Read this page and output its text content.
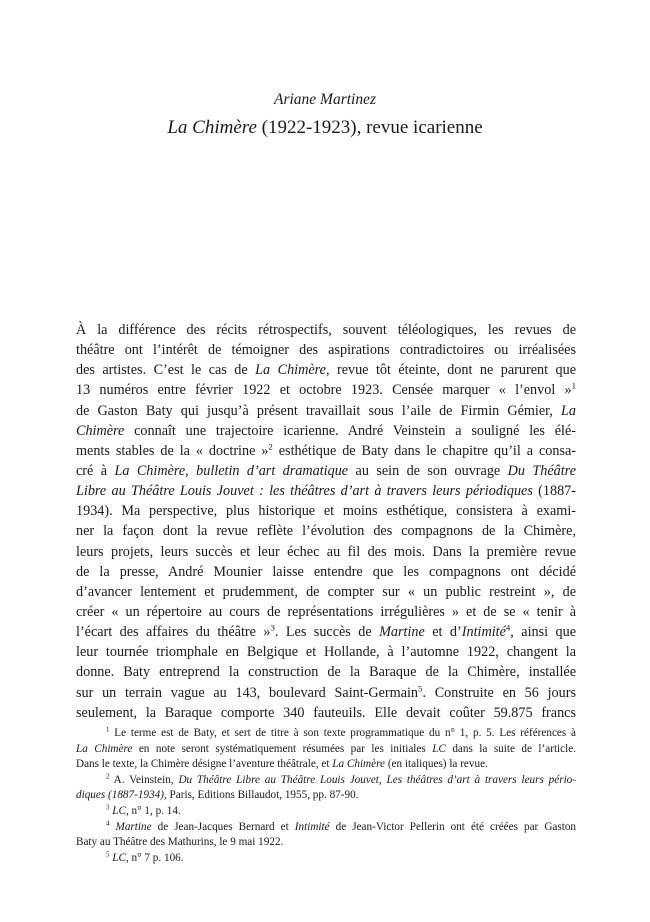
Ariane Martinez
La Chimère (1922-1923), revue icarienne
À la différence des récits rétrospectifs, souvent téléologiques, les revues de
théâtre ont l’intérêt de témoigner des aspirations contradictoires ou irréalisées
des artistes. C’est le cas de La Chimère, revue tôt éteinte, dont ne parurent que
13 numéros entre février 1922 et octobre 1923. Censée marquer « l’envol »$^1$
de Gaston Baty qui jusqu’à présent travaillait sous l’aile de Firmin Gémier, La
Chimère connaît une trajectoire icarienne. André Veinstein a souligné les élé-
ments stables de la « doctrine »$^2$ esthétique de Baty dans le chapitre qu’il a consa-
cré à La Chimère, bulletin d’art dramatique au sein de son ouvrage Du Théâtre
Libre au Théâtre Louis Jouvet : les théâtres d’art à travers leurs périodiques (1887-
1934). Ma perspective, plus historique et moins esthétique, consistera à exami-
ner la façon dont la revue reflète l’évolution des compagnons de la Chimère,
leurs projets, leurs succès et leur échec au fil des mois. Dans la première revue
de la presse, André Mounier laisse entendre que les compagnons ont décidé
d’avancer lentement et prudemment, de compter sur « un public restreint », de
créer « un répertoire au cours de représentations irrégulières » et de se « tenir à
l’écart des affaires du théâtre »$^3$. Les succès de Martine et d’Intimité$^4$, ainsi que
leur tournée triomphale en Belgique et Hollande, à l’automne 1922, changent la
donne. Baty entreprend la construction de la Baraque de la Chimère, installée
sur un terrain vague au 143, boulevard Saint-Germain$^5$. Construite en 56 jours
seulement, la Baraque comporte 340 fauteuils. Elle devait coûter 59.875 francs
$^1$ Le terme est de Baty, et sert de titre à son texte programmatique du n° 1, p. 5. Les références à
La Chimère en note seront systématiquement résumées par les initiales LC dans la suite de l’article.
Dans le texte, la Chimère désigne l’aventure théâtrale, et La Chimère (en italiques) la revue.
$^2$ A. Veinstein, Du Théâtre Libre au Théâtre Louis Jouvet, Les théâtres d’art à travers leurs pério-
diques (1887-1934), Paris, Editions Billaudot, 1955, pp. 87-90.
$^3$ LC, n° 1, p. 14.
$^4$ Martine de Jean-Jacques Bernard et Intimité de Jean-Victor Pellerin ont été créées par Gaston
Baty au Théâtre des Mathurins, le 9 mai 1922.
$^5$ LC, n° 7 p. 106.
